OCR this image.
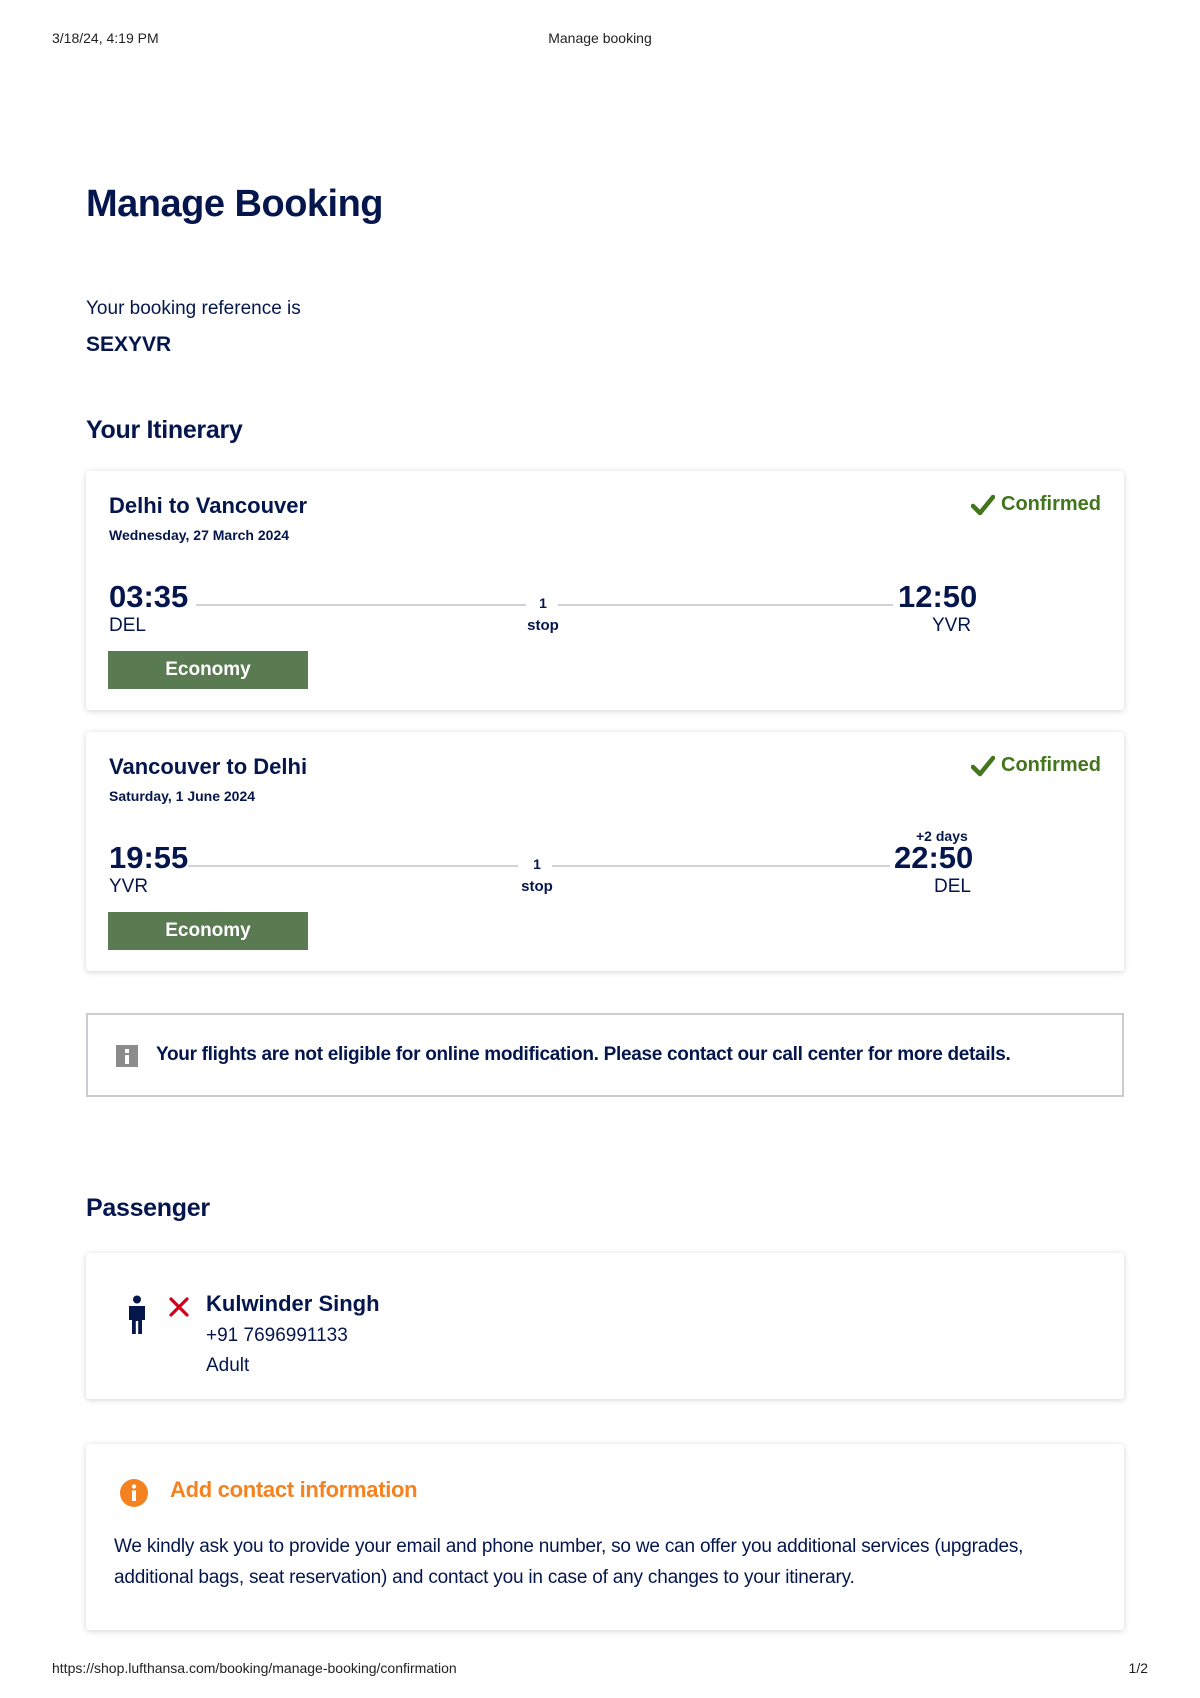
3/18/24, 4:19 PM	Manage booking
Manage Booking
Your booking reference is
SEXYVR
Your Itinerary
Delhi to Vancouver
Wednesday, 27 March 2024
Confirmed
03:35
DEL
1
stop
12:50
YVR
Economy
Vancouver to Delhi
Saturday, 1 June 2024
Confirmed
19:55
YVR
1
stop
+2 days
22:50
DEL
Economy
Your flights are not eligible for online modification. Please contact our call center for more details.
Passenger
Kulwinder Singh
+91 7696991133
Adult
Add contact information
We kindly ask you to provide your email and phone number, so we can offer you additional services (upgrades, additional bags, seat reservation) and contact you in case of any changes to your itinerary.
https://shop.lufthansa.com/booking/manage-booking/confirmation	1/2
